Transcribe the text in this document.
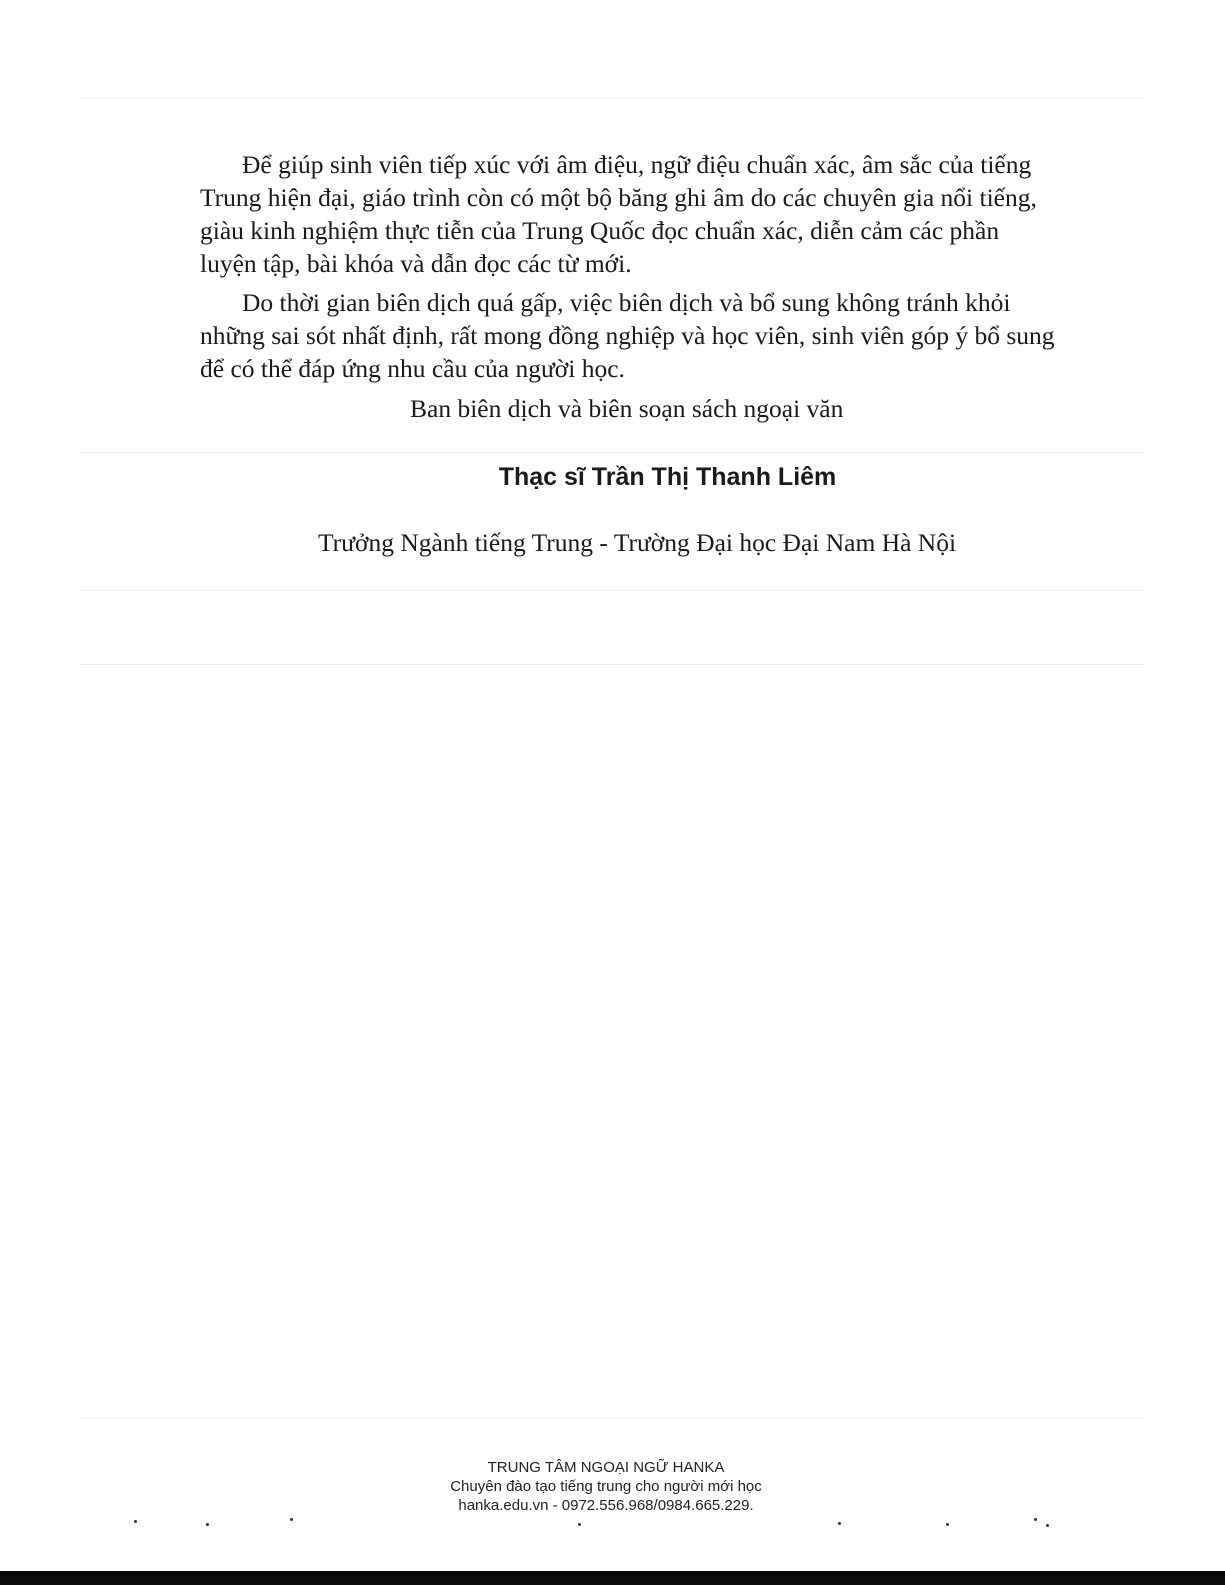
Để giúp sinh viên tiếp xúc với âm điệu, ngữ điệu chuẩn xác, âm sắc của tiếng Trung hiện đại, giáo trình còn có một bộ băng ghi âm do các chuyên gia nổi tiếng, giàu kinh nghiệm thực tiễn của Trung Quốc đọc chuẩn xác, diễn cảm các phần luyện tập, bài khóa và dẫn đọc các từ mới.

Do thời gian biên dịch quá gấp, việc biên dịch và bổ sung không tránh khỏi những sai sót nhất định, rất mong đồng nghiệp và học viên, sinh viên góp ý bổ sung để có thể đáp ứng nhu cầu của người học.

Ban biên dịch và biên soạn sách ngoại văn
Thạc sĩ Trần Thị Thanh Liêm
Trưởng Ngành tiếng Trung - Trường Đại học Đại Nam Hà Nội
TRUNG TÂM NGOẠI NGỮ HANKA
Chuyên đào tạo tiếng trung cho người mới học
hanka.edu.vn - 0972.556.968/0984.665.229.
